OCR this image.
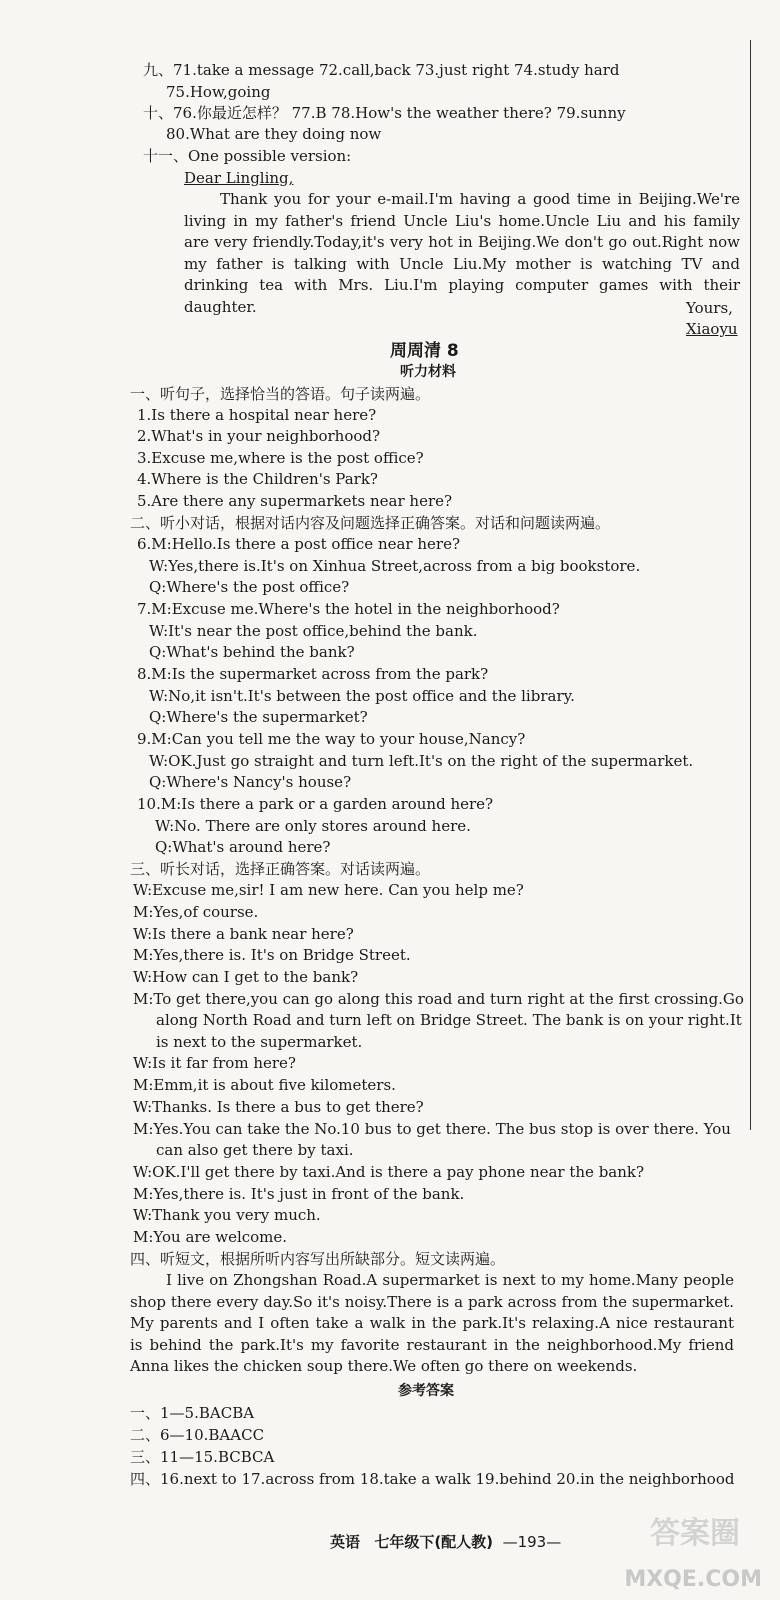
九、71.take a message 72.call,back 73.just right 74.study hard
75.How,going
十、76.你最近怎样？ 77.B 78.How's the weather there? 79.sunny
80.What are they doing now
十一、One possible version:
Dear Lingling,
Thank you for your e-mail.I'm having a good time in Beijing.We're living in my father's friend Uncle Liu's home.Uncle Liu and his family are very friendly.Today,it's very hot in Beijing.We don't go out.Right now my father is talking with Uncle Liu.My mother is watching TV and drinking tea with Mrs. Liu.I'm playing computer games with their daughter.	Yours,
Xiaoyu
周周清 8
听力材料
一、听句子，选择恰当的答语。句子读两遍。
1.Is there a hospital near here?
2.What's in your neighborhood?
3.Excuse me,where is the post office?
4.Where is the Children's Park?
5.Are there any supermarkets near here?
二、听小对话，根据对话内容及问题选择正确答案。对话和问题读两遍。
6.M:Hello.Is there a post office near here?
W:Yes,there is.It's on Xinhua Street,across from a big bookstore.
Q:Where's the post office?
7.M:Excuse me.Where's the hotel in the neighborhood?
W:It's near the post office,behind the bank.
Q:What's behind the bank?
8.M:Is the supermarket across from the park?
W:No,it isn't.It's between the post office and the library.
Q:Where's the supermarket?
9.M:Can you tell me the way to your house,Nancy?
W:OK.Just go straight and turn left.It's on the right of the supermarket.
Q:Where's Nancy's house?
10.M:Is there a park or a garden around here?
W:No. There are only stores around here.
Q:What's around here?
三、听长对话，选择正确答案。对话读两遍。
W:Excuse me,sir! I am new here. Can you help me?
M:Yes,of course.
W:Is there a bank near here?
M:Yes,there is. It's on Bridge Street.
W:How can I get to the bank?
M:To get there,you can go along this road and turn right at the first crossing.Go
along North Road and turn left on Bridge Street. The bank is on your right.It
is next to the supermarket.
W:Is it far from here?
M:Emm,it is about five kilometers.
W:Thanks. Is there a bus to get there?
M:Yes.You can take the No.10 bus to get there. The bus stop is over there. You
can also get there by taxi.
W:OK.I'll get there by taxi.And is there a pay phone near the bank?
M:Yes,there is. It's just in front of the bank.
W:Thank you very much.
M:You are welcome.
四、听短文，根据所听内容写出所缺部分。短文读两遍。
I live on Zhongshan Road.A supermarket is next to my home.Many people shop there every day.So it's noisy.There is a park across from the supermarket. My parents and I often take a walk in the park.It's relaxing.A nice restaurant is behind the park.It's my favorite restaurant in the neighborhood.My friend Anna likes the chicken soup there.We often go there on weekends.
参考答案
一、1—5.BACBA
二、6—10.BAACC
三、11—15.BCBCA
四、16.next to 17.across from 18.take a walk 19.behind 20.in the neighborhood
英语 七年级下(配人教) —193—	答案圈
MXQE.COM
